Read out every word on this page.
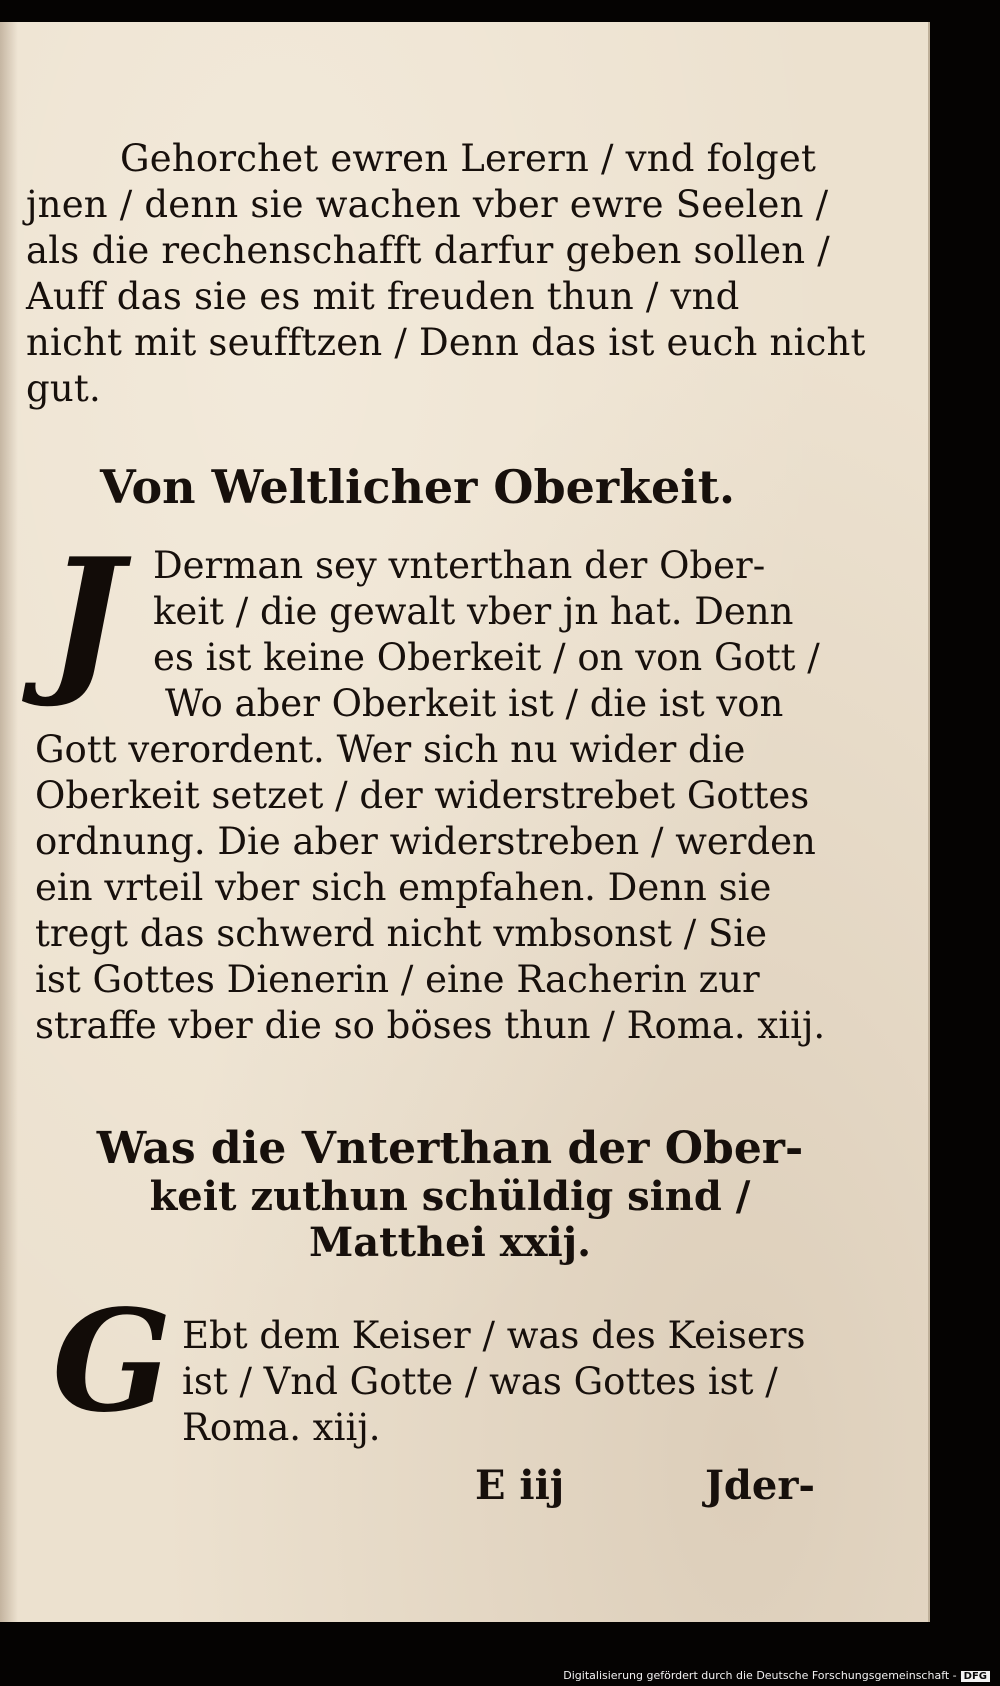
Gehorchet ewren Lerern / vnd folget
jnen / denn sie wachen vber ewre Seelen /
als die rechenschafft darfur geben sollen /
Auff das sie es mit freuden thun / vnd
nicht mit seufftzen / Denn das ist euch nicht
gut.
Von Weltlicher Oberkeit.
J Derman sey vnterthan der Ober-
keit / die gewalt vber jn hat. Denn
es ist keine Oberkeit / on von Gott /
Wo aber Oberkeit ist / die ist von
Gott verordent. Wer sich nu wider die
Oberkeit setzet / der widerstrebet Gottes
ordnung. Die aber widerstreben / werden
ein vrteil vber sich empfahen. Denn sie
tregt das schwerd nicht vmbsonst / Sie
ist Gottes Dienerin / eine Racherin zur
straffe vber die so böses thun / Roma. xiij.
Was die Vnterthan der Ober-
keit zuthun schüldig sind /
Matthei xxij.
G Ebt dem Keiser / was des Keisers
ist / Vnd Gotte / was Gottes ist /
Roma. xiij.
E iij	Jder-
Digitalisierung gefördert durch die Deutsche Forschungsgemeinschaft - DFG
